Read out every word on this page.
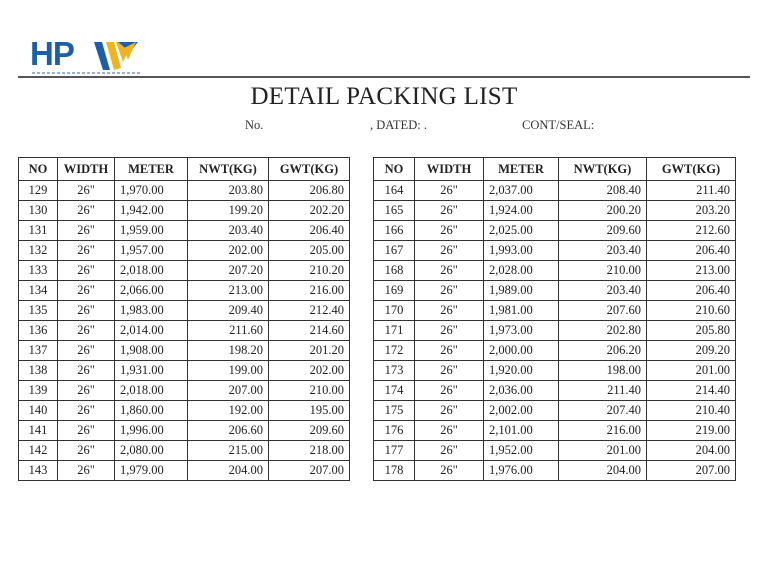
HP
DETAIL PACKING LIST
No.	, DATED: .	CONT/SEAL:
NO	WIDTH	METER	NWT(KG)	GWT(KG)
129	26"	1,970.00	203.80	206.80
130	26"	1,942.00	199.20	202.20
131	26"	1,959.00	203.40	206.40
132	26"	1,957.00	202.00	205.00
133	26"	2,018.00	207.20	210.20
134	26"	2,066.00	213.00	216.00
135	26"	1,983.00	209.40	212.40
136	26"	2,014.00	211.60	214.60
137	26"	1,908.00	198.20	201.20
138	26"	1,931.00	199.00	202.00
139	26"	2,018.00	207.00	210.00
140	26"	1,860.00	192.00	195.00
141	26"	1,996.00	206.60	209.60
142	26"	2,080.00	215.00	218.00
143	26"	1,979.00	204.00	207.00
NO	WIDTH	METER	NWT(KG)	GWT(KG)
164	26"	2,037.00	208.40	211.40
165	26"	1,924.00	200.20	203.20
166	26"	2,025.00	209.60	212.60
167	26"	1,993.00	203.40	206.40
168	26"	2,028.00	210.00	213.00
169	26"	1,989.00	203.40	206.40
170	26"	1,981.00	207.60	210.60
171	26"	1,973.00	202.80	205.80
172	26"	2,000.00	206.20	209.20
173	26"	1,920.00	198.00	201.00
174	26"	2,036.00	211.40	214.40
175	26"	2,002.00	207.40	210.40
176	26"	2,101.00	216.00	219.00
177	26"	1,952.00	201.00	204.00
178	26"	1,976.00	204.00	207.00
